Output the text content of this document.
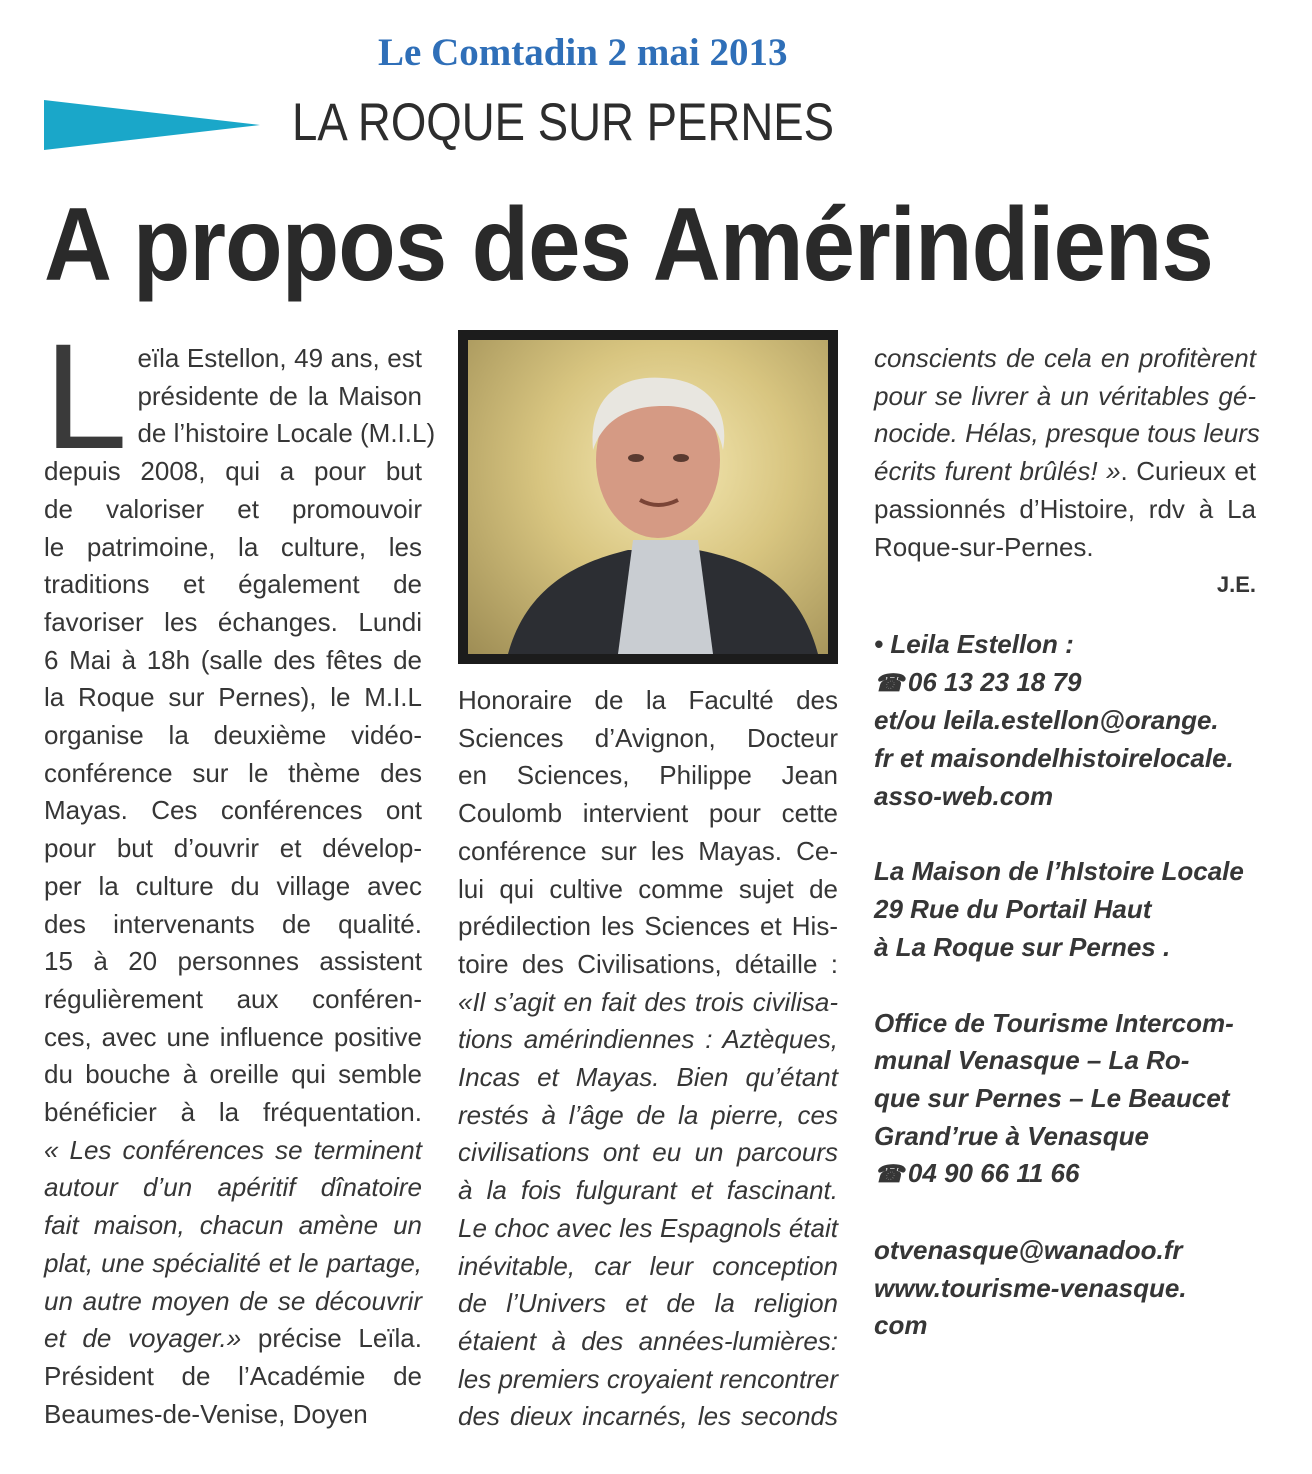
Le Comtadin 2 mai 2013
LA ROQUE SUR PERNES
A propos des Amérindiens
L eïla Estellon, 49 ans, est
présidente de la Maison
de l’histoire Locale (M.I.L)
depuis 2008, qui a pour but
de valoriser et promouvoir
le patrimoine, la culture, les
traditions et également de
favoriser les échanges. Lundi
6 Mai à 18h (salle des fêtes de
la Roque sur Pernes), le M.I.L
organise la deuxième vidéo-
conférence sur le thème des
Mayas. Ces conférences ont
pour but d’ouvrir et dévelop-
per la culture du village avec
des intervenants de qualité.
15 à 20 personnes assistent
régulièrement aux conféren-
ces, avec une influence positive
du bouche à oreille qui semble
bénéficier à la fréquentation.
« Les conférences se terminent
autour d’un apéritif dînatoire
fait maison, chacun amène un
plat, une spécialité et le partage,
un autre moyen de se découvrir
et de voyager.» précise Leïla.
Président de l’Académie de
Beaumes-de-Venise, Doyen
Honoraire de la Faculté des
Sciences d’Avignon, Docteur
en Sciences, Philippe Jean
Coulomb intervient pour cette
conférence sur les Mayas. Ce-
lui qui cultive comme sujet de
prédilection les Sciences et His-
toire des Civilisations, détaille :
«Il s’agit en fait des trois civilisa-
tions amérindiennes : Aztèques,
Incas et Mayas. Bien qu’étant
restés à l’âge de la pierre, ces
civilisations ont eu un parcours
à la fois fulgurant et fascinant.
Le choc avec les Espagnols était
inévitable, car leur conception
de l’Univers et de la religion
étaient à des années-lumières:
les premiers croyaient rencontrer
des dieux incarnés, les seconds
conscients de cela en profitèrent
pour se livrer à un véritables gé-
nocide. Hélas, presque tous leurs
écrits furent brûlés! ». Curieux et
passionnés d’Histoire, rdv à La
Roque-sur-Pernes.
J.E.
• Leila Estellon :
☎ 06 13 23 18 79
et/ou leila.estellon@orange.
fr et maisondelhistoirelocale.
asso-web.com
La Maison de l’hIstoire Locale
29 Rue du Portail Haut
à La Roque sur Pernes .
Office de Tourisme Intercom-
munal Venasque – La Ro-
que sur Pernes – Le Beaucet
Grand’rue à Venasque
☎ 04 90 66 11 66
otvenasque@wanadoo.fr
www.tourisme-venasque.
com
